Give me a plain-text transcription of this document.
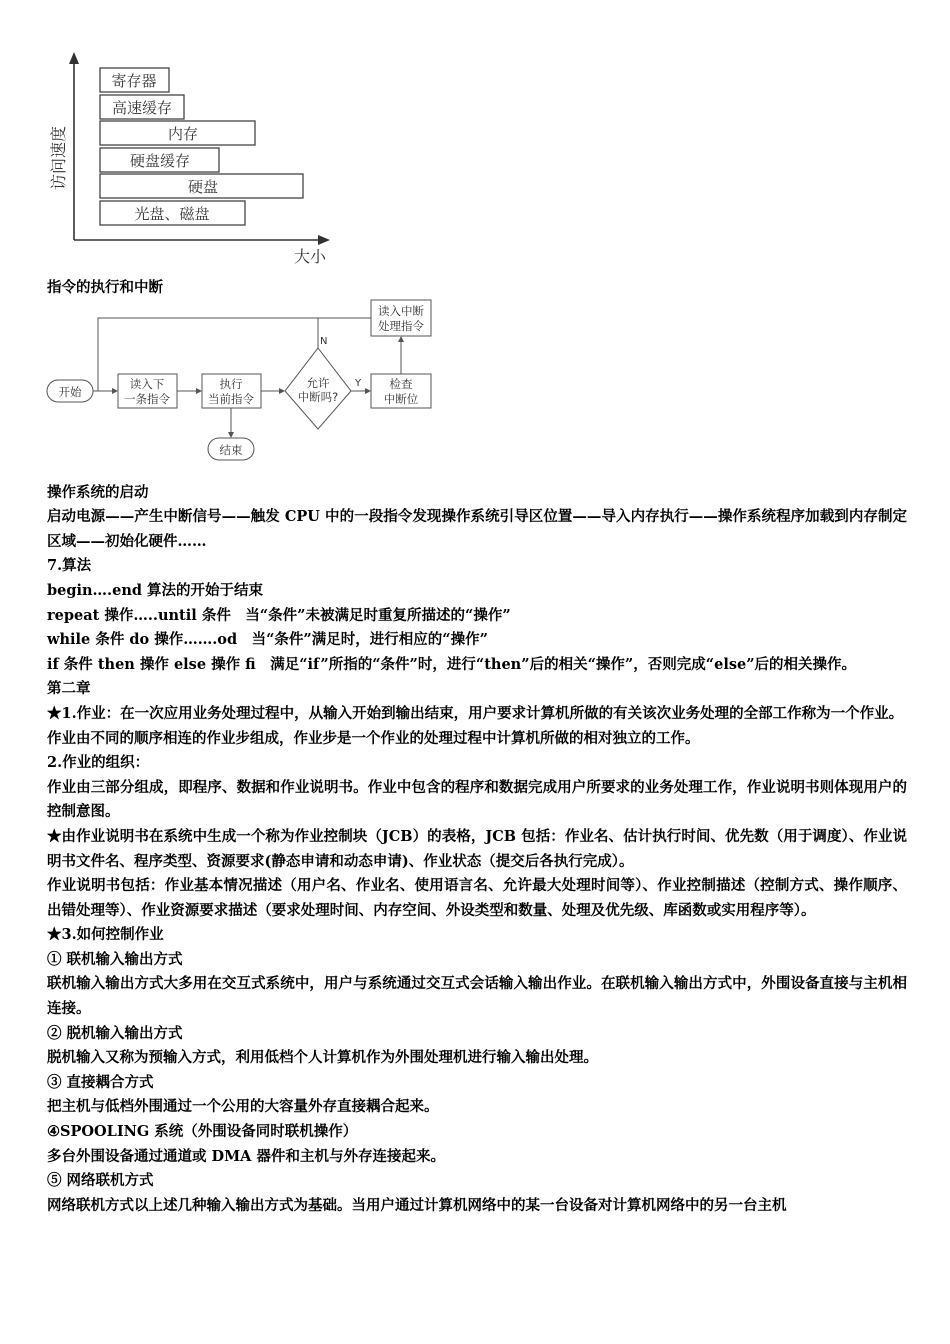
访问速度
大小
寄存器
高速缓存
内存
硬盘缓存
硬盘
光盘、磁盘
开始
读入下
一条指令
执行
当前指令
允许
中断吗?
检查
中断位
读入中断
处理指令
结束
Y
N

指令的执行和中断

操作系统的启动

启动电源——产生中断信号——触发 CPU 中的一段指令发现操作系统引导区位置——导入内存执行——操作系统程序加载到内存制定区域——初始化硬件……

7.算法

begin….end 算法的开始于结束

repeat 操作…..until 条件　当“条件”未被满足时重复所描述的“操作”

while 条件 do 操作…….od　当“条件”满足时，进行相应的“操作”

if 条件 then 操作 else 操作 fi　满足“if”所指的“条件”时，进行“then”后的相关“操作”，否则完成“else”后的相关操作。

第二章

★1.作业：在一次应用业务处理过程中，从输入开始到输出结束，用户要求计算机所做的有关该次业务处理的全部工作称为一个作业。

作业由不同的顺序相连的作业步组成，作业步是一个作业的处理过程中计算机所做的相对独立的工作。

2.作业的组织：

作业由三部分组成，即程序、数据和作业说明书。作业中包含的程序和数据完成用户所要求的业务处理工作，作业说明书则体现用户的控制意图。

★由作业说明书在系统中生成一个称为作业控制块（JCB）的表格，JCB 包括：作业名、估计执行时间、优先数（用于调度）、作业说明书文件名、程序类型、资源要求(静态申请和动态申请)、作业状态（提交后各执行完成）。

作业说明书包括：作业基本情况描述（用户名、作业名、使用语言名、允许最大处理时间等）、作业控制描述（控制方式、操作顺序、出错处理等）、作业资源要求描述（要求处理时间、内存空间、外设类型和数量、处理及优先级、库函数或实用程序等）。

★3.如何控制作业

① 联机输入输出方式

联机输入输出方式大多用在交互式系统中，用户与系统通过交互式会话输入输出作业。在联机输入输出方式中，外围设备直接与主机相连接。

② 脱机输入输出方式

脱机输入又称为预输入方式，利用低档个人计算机作为外围处理机进行输入输出处理。

③ 直接耦合方式

把主机与低档外围通过一个公用的大容量外存直接耦合起来。

④SPOOLING 系统（外围设备同时联机操作）

多台外围设备通过通道或 DMA 器件和主机与外存连接起来。

⑤ 网络联机方式

网络联机方式以上述几种输入输出方式为基础。当用户通过计算机网络中的某一台设备对计算机网络中的另一台主机
